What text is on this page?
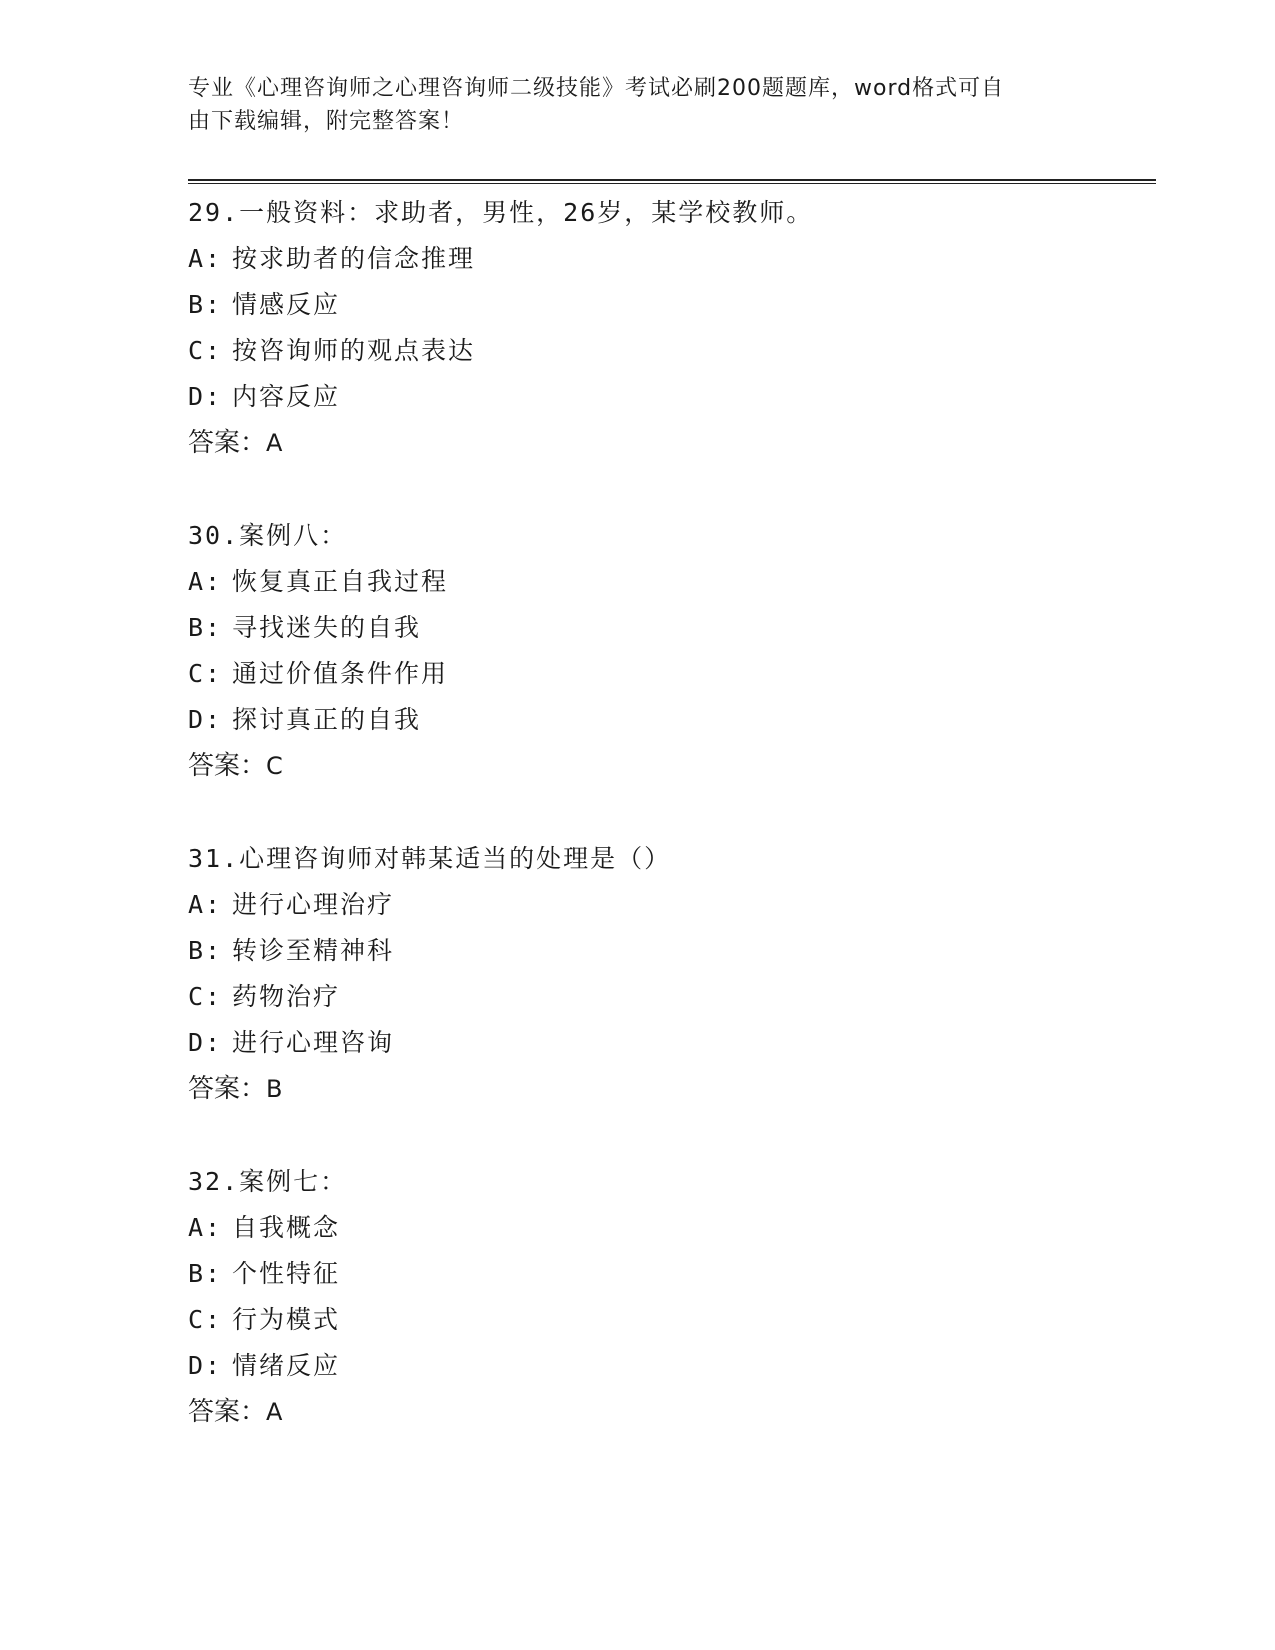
专业《心理咨询师之心理咨询师二级技能》考试必刷200题题库，word格式可自
由下载编辑，附完整答案！
29.一般资料：求助者，男性，26岁，某学校教师。
A: 按求助者的信念推理
B: 情感反应
C: 按咨询师的观点表达
D: 内容反应
答案：A
30.案例八：
A: 恢复真正自我过程
B: 寻找迷失的自我
C: 通过价值条件作用
D: 探讨真正的自我
答案：C
31.心理咨询师对韩某适当的处理是（）
A: 进行心理治疗
B: 转诊至精神科
C: 药物治疗
D: 进行心理咨询
答案：B
32.案例七：
A: 自我概念
B: 个性特征
C: 行为模式
D: 情绪反应
答案：A
